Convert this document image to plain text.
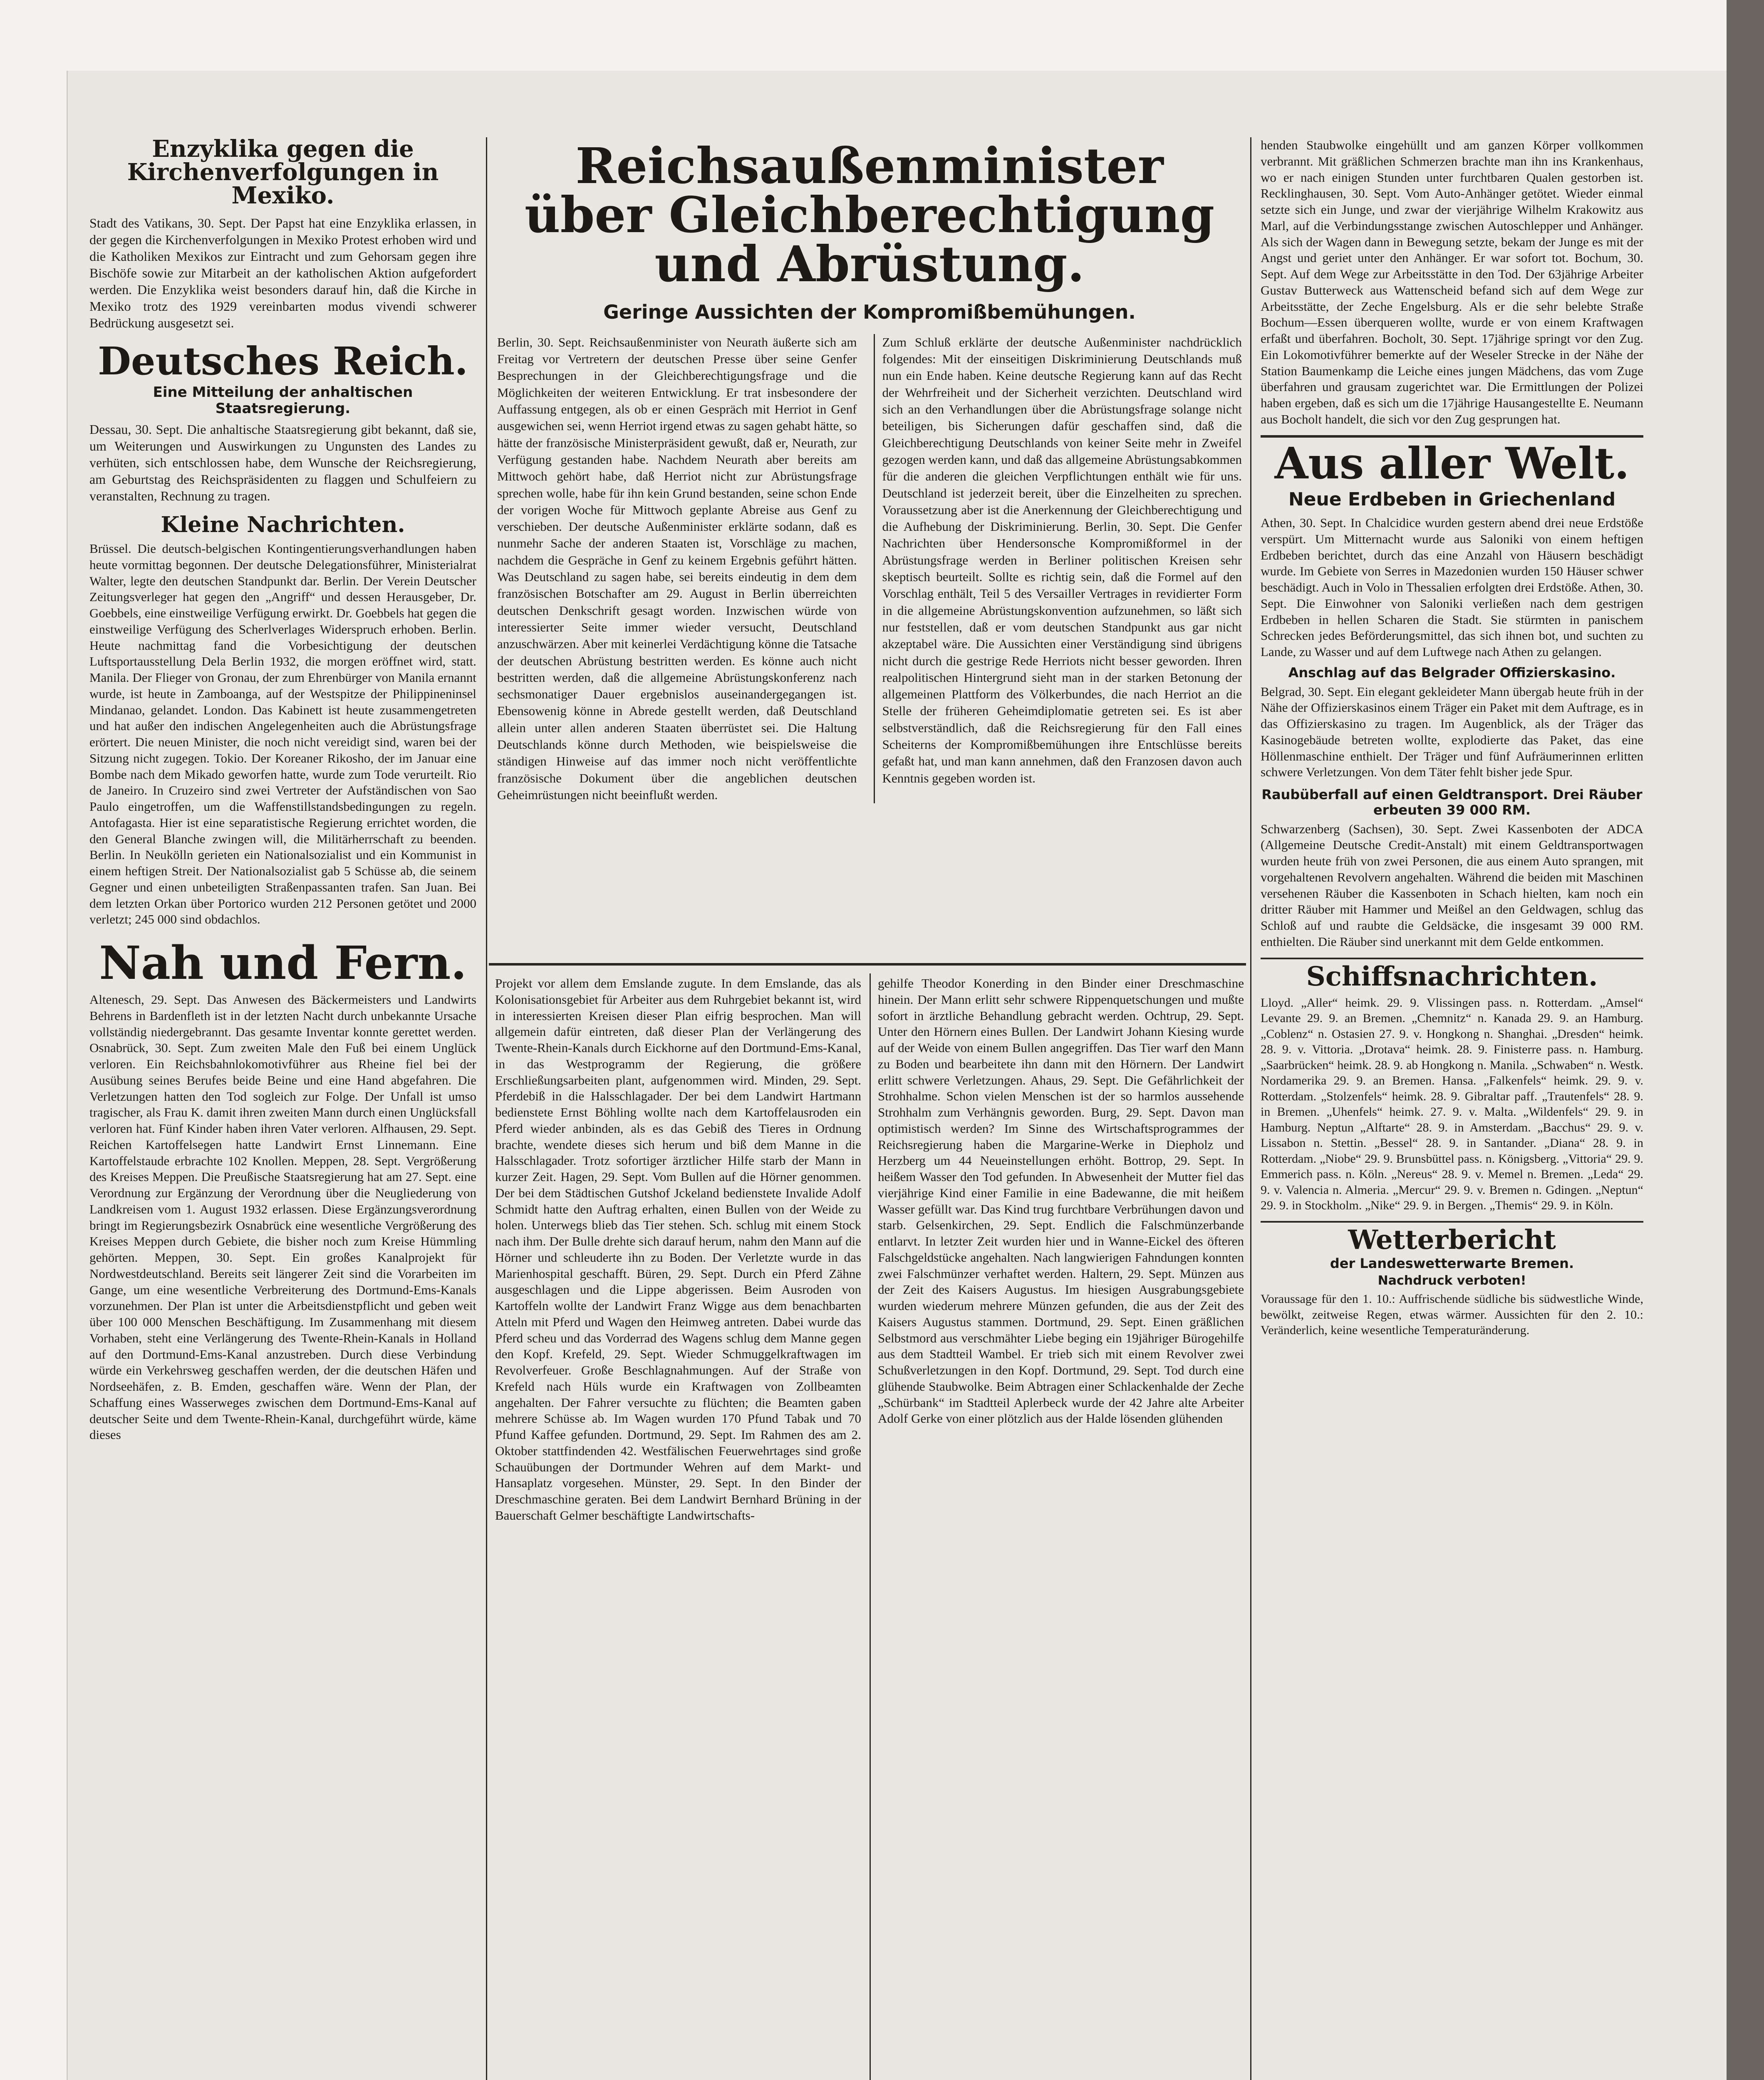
Enzyklika gegen die Kirchenverfolgungen in Mexiko.
Stadt des Vatikans, 30. Sept. Der Papst hat eine Enzyklika erlassen, in der gegen die Kirchenverfolgungen in Mexiko Protest erhoben wird und die Katholiken Mexikos zur Eintracht und zum Gehorsam gegen ihre Bischöfe sowie zur Mitarbeit an der katholischen Aktion aufgefordert werden. Die Enzyklika weist besonders darauf hin, daß die Kirche in Mexiko trotz des 1929 vereinbarten modus vivendi schwerer Bedrückung ausgesetzt sei.
Deutsches Reich.
Eine Mitteilung der anhaltischen Staatsregierung.
Dessau, 30. Sept. Die anhaltische Staatsregierung gibt bekannt, daß sie, um Weiterungen und Auswirkungen zu Ungunsten des Landes zu verhüten, sich entschlossen habe, dem Wunsche der Reichsregierung, am Geburtstag des Reichspräsidenten zu flaggen und Schulfeiern zu veranstalten, Rechnung zu tragen.
Kleine Nachrichten.
Brüssel. Die deutsch-belgischen Kontingentierungsverhandlungen haben heute vormittag begonnen. Der deutsche Delegationsführer, Ministerialrat Walter, legte den deutschen Standpunkt dar. Berlin. Der Verein Deutscher Zeitungsverleger hat gegen den „Angriff“ und dessen Herausgeber, Dr. Goebbels, eine einstweilige Verfügung erwirkt. Dr. Goebbels hat gegen die einstweilige Verfügung des Scherlverlages Widerspruch erhoben. Berlin. Heute nachmittag fand die Vorbesichtigung der deutschen Luftsportausstellung Dela Berlin 1932, die morgen eröffnet wird, statt. Manila. Der Flieger von Gronau, der zum Ehrenbürger von Manila ernannt wurde, ist heute in Zamboanga, auf der Westspitze der Philippineninsel Mindanao, gelandet. London. Das Kabinett ist heute zusammengetreten und hat außer den indischen Angelegenheiten auch die Abrüstungsfrage erörtert. Die neuen Minister, die noch nicht vereidigt sind, waren bei der Sitzung nicht zugegen. Tokio. Der Koreaner Rikosho, der im Januar eine Bombe nach dem Mikado geworfen hatte, wurde zum Tode verurteilt. Rio de Janeiro. In Cruzeiro sind zwei Vertreter der Aufständischen von Sao Paulo eingetroffen, um die Waffenstillstandsbedingungen zu regeln. Antofagasta. Hier ist eine separatistische Regierung errichtet worden, die den General Blanche zwingen will, die Militärherrschaft zu beenden. Berlin. In Neukölln gerieten ein Nationalsozialist und ein Kommunist in einem heftigen Streit. Der Nationalsozialist gab 5 Schüsse ab, die seinem Gegner und einen unbeteiligten Straßenpassanten trafen. San Juan. Bei dem letzten Orkan über Portorico wurden 212 Personen getötet und 2000 verletzt; 245 000 sind obdachlos.
Nah und Fern.
Altenesch, 29. Sept. Das Anwesen des Bäckermeisters und Landwirts Behrens in Bardenfleth ist in der letzten Nacht durch unbekannte Ursache vollständig niedergebrannt. Das gesamte Inventar konnte gerettet werden. Osnabrück, 30. Sept. Zum zweiten Male den Fuß bei einem Unglück verloren. Ein Reichsbahnlokomotivführer aus Rheine fiel bei der Ausübung seines Berufes beide Beine und eine Hand abgefahren. Die Verletzungen hatten den Tod sogleich zur Folge. Der Unfall ist umso tragischer, als Frau K. damit ihren zweiten Mann durch einen Unglücksfall verloren hat. Fünf Kinder haben ihren Vater verloren. Alfhausen, 29. Sept. Reichen Kartoffelsegen hatte Landwirt Ernst Linnemann. Eine Kartoffelstaude erbrachte 102 Knollen. Meppen, 28. Sept. Vergrößerung des Kreises Meppen. Die Preußische Staatsregierung hat am 27. Sept. eine Verordnung zur Ergänzung der Verordnung über die Neugliederung von Landkreisen vom 1. August 1932 erlassen. Diese Ergänzungsverordnung bringt im Regierungsbezirk Osnabrück eine wesentliche Vergrößerung des Kreises Meppen durch Gebiete, die bisher noch zum Kreise Hümmling gehörten. Meppen, 30. Sept. Ein großes Kanalprojekt für Nordwestdeutschland. Bereits seit längerer Zeit sind die Vorarbeiten im Gange, um eine wesentliche Verbreiterung des Dortmund-Ems-Kanals vorzunehmen. Der Plan ist unter die Arbeitsdienstpflicht und geben weit über 100 000 Menschen Beschäftigung. Im Zusammenhang mit diesem Vorhaben, steht eine Verlängerung des Twente-Rhein-Kanals in Holland auf den Dortmund-Ems-Kanal anzustreben. Durch diese Verbindung würde ein Verkehrsweg geschaffen werden, der die deutschen Häfen und Nordseehäfen, z. B. Emden, geschaffen wäre. Wenn der Plan, der Schaffung eines Wasserweges zwischen dem Dortmund-Ems-Kanal auf deutscher Seite und dem Twente-Rhein-Kanal, durchgeführt würde, käme dieses
Reichsaußenminister über Gleichberechtigung und Abrüstung.
Geringe Aussichten der Kompromißbemühungen.
Berlin, 30. Sept. Reichsaußenminister von Neurath äußerte sich am Freitag vor Vertretern der deutschen Presse über seine Genfer Besprechungen in der Gleichberechtigungsfrage und die Möglichkeiten der weiteren Entwicklung. Er trat insbesondere der Auffassung entgegen, als ob er einen Gespräch mit Herriot in Genf ausgewichen sei, wenn Herriot irgend etwas zu sagen gehabt hätte, so hätte der französische Ministerpräsident gewußt, daß er, Neurath, zur Verfügung gestanden habe. Nachdem Neurath aber bereits am Mittwoch gehört habe, daß Herriot nicht zur Abrüstungsfrage sprechen wolle, habe für ihn kein Grund bestanden, seine schon Ende der vorigen Woche für Mittwoch geplante Abreise aus Genf zu verschieben. Der deutsche Außenminister erklärte sodann, daß es nunmehr Sache der anderen Staaten ist, Vorschläge zu machen, nachdem die Gespräche in Genf zu keinem Ergebnis geführt hätten. Was Deutschland zu sagen habe, sei bereits eindeutig in dem dem französischen Botschafter am 29. August in Berlin überreichten deutschen Denkschrift gesagt worden. Inzwischen würde von interessierter Seite immer wieder versucht, Deutschland anzuschwärzen. Aber mit keinerlei Verdächtigung könne die Tatsache der deutschen Abrüstung bestritten werden. Es könne auch nicht bestritten werden, daß die allgemeine Abrüstungskonferenz nach sechsmonatiger Dauer ergebnislos auseinandergegangen ist. Ebensowenig könne in Abrede gestellt werden, daß Deutschland allein unter allen anderen Staaten überrüstet sei. Die Haltung Deutschlands könne durch Methoden, wie beispielsweise die ständigen Hinweise auf das immer noch nicht veröffentlichte französische Dokument über die angeblichen deutschen Geheimrüstungen nicht beeinflußt werden.
Zum Schluß erklärte der deutsche Außenminister nachdrücklich folgendes: Mit der einseitigen Diskriminierung Deutschlands muß nun ein Ende haben. Keine deutsche Regierung kann auf das Recht der Wehrfreiheit und der Sicherheit verzichten. Deutschland wird sich an den Verhandlungen über die Abrüstungsfrage solange nicht beteiligen, bis Sicherungen dafür geschaffen sind, daß die Gleichberechtigung Deutschlands von keiner Seite mehr in Zweifel gezogen werden kann, und daß das allgemeine Abrüstungsabkommen für die anderen die gleichen Verpflichtungen enthält wie für uns. Deutschland ist jederzeit bereit, über die Einzelheiten zu sprechen. Voraussetzung aber ist die Anerkennung der Gleichberechtigung und die Aufhebung der Diskriminierung. Berlin, 30. Sept. Die Genfer Nachrichten über Hendersonsche Kompromißformel in der Abrüstungsfrage werden in Berliner politischen Kreisen sehr skeptisch beurteilt. Sollte es richtig sein, daß die Formel auf den Vorschlag enthält, Teil 5 des Versailler Vertrages in revidierter Form in die allgemeine Abrüstungskonvention aufzunehmen, so läßt sich nur feststellen, daß er vom deutschen Standpunkt aus gar nicht akzeptabel wäre. Die Aussichten einer Verständigung sind übrigens nicht durch die gestrige Rede Herriots nicht besser geworden. Ihren realpolitischen Hintergrund sieht man in der starken Betonung der allgemeinen Plattform des Völkerbundes, die nach Herriot an die Stelle der früheren Geheimdiplomatie getreten sei. Es ist aber selbstverständlich, daß die Reichsregierung für den Fall eines Scheiterns der Kompromißbemühungen ihre Entschlüsse bereits gefaßt hat, und man kann annehmen, daß den Franzosen davon auch Kenntnis gegeben worden ist.
Projekt vor allem dem Emslande zugute. In dem Emslande, das als Kolonisationsgebiet für Arbeiter aus dem Ruhrgebiet bekannt ist, wird in interessierten Kreisen dieser Plan eifrig besprochen. Man will allgemein dafür eintreten, daß dieser Plan der Verlängerung des Twente-Rhein-Kanals durch Eickhorne auf den Dortmund-Ems-Kanal, in das Westprogramm der Regierung, die größere Erschließungsarbeiten plant, aufgenommen wird. Minden, 29. Sept. Pferdebiß in die Halsschlagader. Der bei dem Landwirt Hartmann bedienstete Ernst Böhling wollte nach dem Kartoffelausroden ein Pferd wieder anbinden, als es das Gebiß des Tieres in Ordnung brachte, wendete dieses sich herum und biß dem Manne in die Halsschlagader. Trotz sofortiger ärztlicher Hilfe starb der Mann in kurzer Zeit. Hagen, 29. Sept. Vom Bullen auf die Hörner genommen. Der bei dem Städtischen Gutshof Jckeland bedienstete Invalide Adolf Schmidt hatte den Auftrag erhalten, einen Bullen von der Weide zu holen. Unterwegs blieb das Tier stehen. Sch. schlug mit einem Stock nach ihm. Der Bulle drehte sich darauf herum, nahm den Mann auf die Hörner und schleuderte ihn zu Boden. Der Verletzte wurde in das Marienhospital geschafft. Büren, 29. Sept. Durch ein Pferd Zähne ausgeschlagen und die Lippe abgerissen. Beim Ausroden von Kartoffeln wollte der Landwirt Franz Wigge aus dem benachbarten Atteln mit Pferd und Wagen den Heimweg antreten. Dabei wurde das Pferd scheu und das Vorderrad des Wagens schlug dem Manne gegen den Kopf. Krefeld, 29. Sept. Wieder Schmuggelkraftwagen im Revolverfeuer. Große Beschlagnahmungen. Auf der Straße von Krefeld nach Hüls wurde ein Kraftwagen von Zollbeamten angehalten. Der Fahrer versuchte zu flüchten; die Beamten gaben mehrere Schüsse ab. Im Wagen wurden 170 Pfund Tabak und 70 Pfund Kaffee gefunden. Dortmund, 29. Sept. Im Rahmen des am 2. Oktober stattfindenden 42. Westfälischen Feuerwehrtages sind große Schauübungen der Dortmunder Wehren auf dem Markt- und Hansaplatz vorgesehen. Münster, 29. Sept. In den Binder der Dreschmaschine geraten. Bei dem Landwirt Bernhard Brüning in der Bauerschaft Gelmer beschäftigte Landwirtschafts-
gehilfe Theodor Konerding in den Binder einer Dreschmaschine hinein. Der Mann erlitt sehr schwere Rippenquetschungen und mußte sofort in ärztliche Behandlung gebracht werden. Ochtrup, 29. Sept. Unter den Hörnern eines Bullen. Der Landwirt Johann Kiesing wurde auf der Weide von einem Bullen angegriffen. Das Tier warf den Mann zu Boden und bearbeitete ihn dann mit den Hörnern. Der Landwirt erlitt schwere Verletzungen. Ahaus, 29. Sept. Die Gefährlichkeit der Strohhalme. Schon vielen Menschen ist der so harmlos aussehende Strohhalm zum Verhängnis geworden. Burg, 29. Sept. Davon man optimistisch werden? Im Sinne des Wirtschaftsprogrammes der Reichsregierung haben die Margarine-Werke in Diepholz und Herzberg um 44 Neueinstellungen erhöht. Bottrop, 29. Sept. In heißem Wasser den Tod gefunden. In Abwesenheit der Mutter fiel das vierjährige Kind einer Familie in eine Badewanne, die mit heißem Wasser gefüllt war. Das Kind trug furchtbare Verbrühungen davon und starb. Gelsenkirchen, 29. Sept. Endlich die Falschmünzerbande entlarvt. In letzter Zeit wurden hier und in Wanne-Eickel des öfteren Falschgeldstücke angehalten. Nach langwierigen Fahndungen konnten zwei Falschmünzer verhaftet werden. Haltern, 29. Sept. Münzen aus der Zeit des Kaisers Augustus. Im hiesigen Ausgrabungsgebiete wurden wiederum mehrere Münzen gefunden, die aus der Zeit des Kaisers Augustus stammen. Dortmund, 29. Sept. Einen gräßlichen Selbstmord aus verschmähter Liebe beging ein 19jähriger Bürogehilfe aus dem Stadtteil Wambel. Er trieb sich mit einem Revolver zwei Schußverletzungen in den Kopf. Dortmund, 29. Sept. Tod durch eine glühende Staubwolke. Beim Abtragen einer Schlackenhalde der Zeche „Schürbank“ im Stadtteil Aplerbeck wurde der 42 Jahre alte Arbeiter Adolf Gerke von einer plötzlich aus der Halde lösenden glühenden
henden Staubwolke eingehüllt und am ganzen Körper vollkommen verbrannt. Mit gräßlichen Schmerzen brachte man ihn ins Krankenhaus, wo er nach einigen Stunden unter furchtbaren Qualen gestorben ist. Recklinghausen, 30. Sept. Vom Auto-Anhänger getötet. Wieder einmal setzte sich ein Junge, und zwar der vierjährige Wilhelm Krakowitz aus Marl, auf die Verbindungsstange zwischen Autoschlepper und Anhänger. Als sich der Wagen dann in Bewegung setzte, bekam der Junge es mit der Angst und geriet unter den Anhänger. Er war sofort tot. Bochum, 30. Sept. Auf dem Wege zur Arbeitsstätte in den Tod. Der 63jährige Arbeiter Gustav Butterweck aus Wattenscheid befand sich auf dem Wege zur Arbeitsstätte, der Zeche Engelsburg. Als er die sehr belebte Straße Bochum—Essen überqueren wollte, wurde er von einem Kraftwagen erfaßt und überfahren. Bocholt, 30. Sept. 17jährige springt vor den Zug. Ein Lokomotivführer bemerkte auf der Weseler Strecke in der Nähe der Station Baumenkamp die Leiche eines jungen Mädchens, das vom Zuge überfahren und grausam zugerichtet war. Die Ermittlungen der Polizei haben ergeben, daß es sich um die 17jährige Hausangestellte E. Neumann aus Bocholt handelt, die sich vor den Zug gesprungen hat.
Aus aller Welt.
Neue Erdbeben in Griechenland
Athen, 30. Sept. In Chalcidice wurden gestern abend drei neue Erdstöße verspürt. Um Mitternacht wurde aus Saloniki von einem heftigen Erdbeben berichtet, durch das eine Anzahl von Häusern beschädigt wurde. Im Gebiete von Serres in Mazedonien wurden 150 Häuser schwer beschädigt. Auch in Volo in Thessalien erfolgten drei Erdstöße. Athen, 30. Sept. Die Einwohner von Saloniki verließen nach dem gestrigen Erdbeben in hellen Scharen die Stadt. Sie stürmten in panischem Schrecken jedes Beförderungsmittel, das sich ihnen bot, und suchten zu Lande, zu Wasser und auf dem Luftwege nach Athen zu gelangen.
Anschlag auf das Belgrader Offizierskasino.
Belgrad, 30. Sept. Ein elegant gekleideter Mann übergab heute früh in der Nähe der Offizierskasinos einem Träger ein Paket mit dem Auftrage, es in das Offizierskasino zu tragen. Im Augenblick, als der Träger das Kasinogebäude betreten wollte, explodierte das Paket, das eine Höllenmaschine enthielt. Der Träger und fünf Aufräumerinnen erlitten schwere Verletzungen. Von dem Täter fehlt bisher jede Spur.
Raubüberfall auf einen Geldtransport. Drei Räuber erbeuten 39 000 RM.
Schwarzenberg (Sachsen), 30. Sept. Zwei Kassenboten der ADCA (Allgemeine Deutsche Credit-Anstalt) mit einem Geldtransportwagen wurden heute früh von zwei Personen, die aus einem Auto sprangen, mit vorgehaltenen Revolvern angehalten. Während die beiden mit Maschinen versehenen Räuber die Kassenboten in Schach hielten, kam noch ein dritter Räuber mit Hammer und Meißel an den Geldwagen, schlug das Schloß auf und raubte die Geldsäcke, die insgesamt 39 000 RM. enthielten. Die Räuber sind unerkannt mit dem Gelde entkommen.
Schiffsnachrichten.
Lloyd. „Aller“ heimk. 29. 9. Vlissingen pass. n. Rotterdam. „Amsel“ Levante 29. 9. an Bremen. „Chemnitz“ n. Kanada 29. 9. an Hamburg. „Coblenz“ n. Ostasien 27. 9. v. Hongkong n. Shanghai. „Dresden“ heimk. 28. 9. v. Vittoria. „Drotava“ heimk. 28. 9. Finisterre pass. n. Hamburg. „Saarbrücken“ heimk. 28. 9. ab Hongkong n. Manila. „Schwaben“ n. Westk. Nordamerika 29. 9. an Bremen. Hansa. „Falkenfels“ heimk. 29. 9. v. Rotterdam. „Stolzenfels“ heimk. 28. 9. Gibraltar paff. „Trautenfels“ 28. 9. in Bremen. „Uhenfels“ heimk. 27. 9. v. Malta. „Wildenfels“ 29. 9. in Hamburg. Neptun „Alftarte“ 28. 9. in Amsterdam. „Bacchus“ 29. 9. v. Lissabon n. Stettin. „Bessel“ 28. 9. in Santander. „Diana“ 28. 9. in Rotterdam. „Niobe“ 29. 9. Brunsbüttel pass. n. Königsberg. „Vittoria“ 29. 9. Emmerich pass. n. Köln. „Nereus“ 28. 9. v. Memel n. Bremen. „Leda“ 29. 9. v. Valencia n. Almeria. „Mercur“ 29. 9. v. Bremen n. Gdingen. „Neptun“ 29. 9. in Stockholm. „Nike“ 29. 9. in Bergen. „Themis“ 29. 9. in Köln.
Wetterbericht
der Landeswetterwarte Bremen.
Nachdruck verboten!
Voraussage für den 1. 10.: Auffrischende südliche bis südwestliche Winde, bewölkt, zeitweise Regen, etwas wärmer. Aussichten für den 2. 10.: Veränderlich, keine wesentliche Temperaturänderung.
